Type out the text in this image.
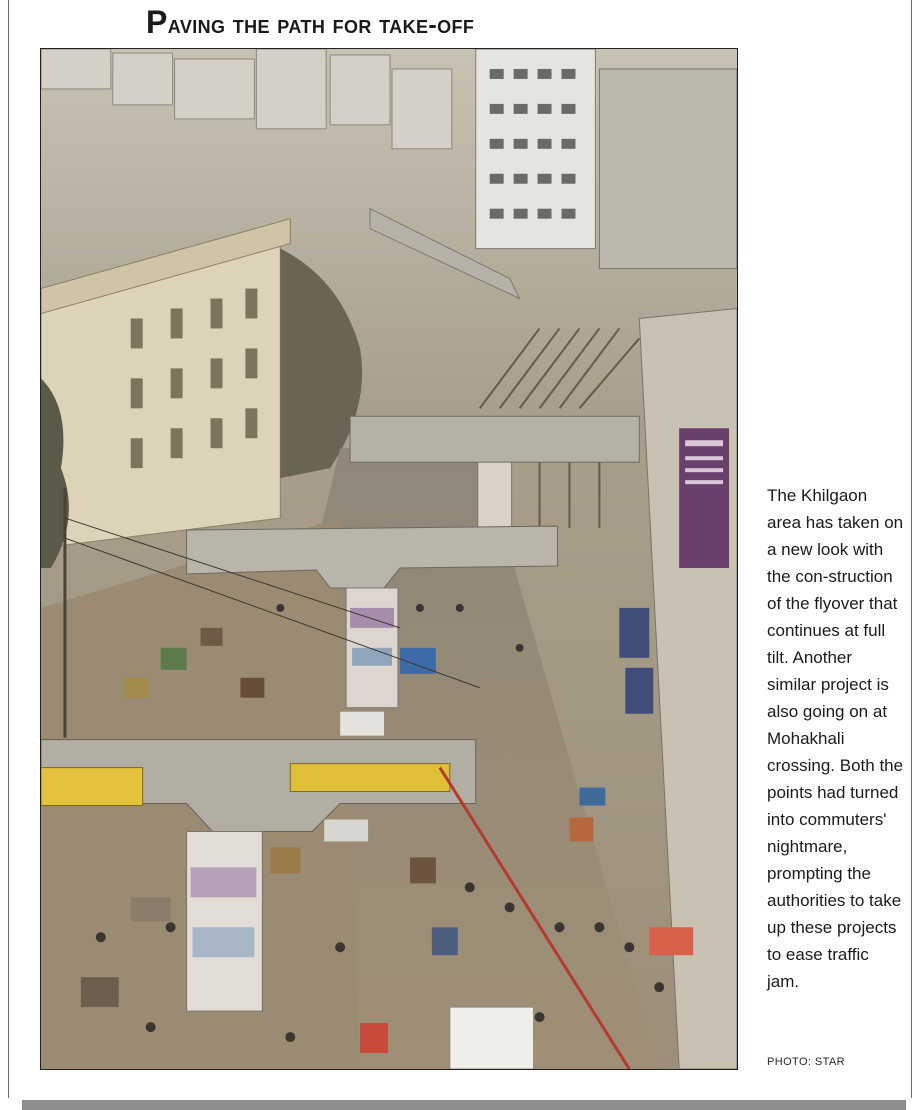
Paving the path for take-off

The Khilgaon area has taken on a new look with the con-struction of the flyover that continues at full tilt. Another similar project is also going on at Mohakhali crossing. Both the points had turned into commuters' nightmare, prompting the authorities to take up these projects to ease traffic jam.

PHOTO: STAR
